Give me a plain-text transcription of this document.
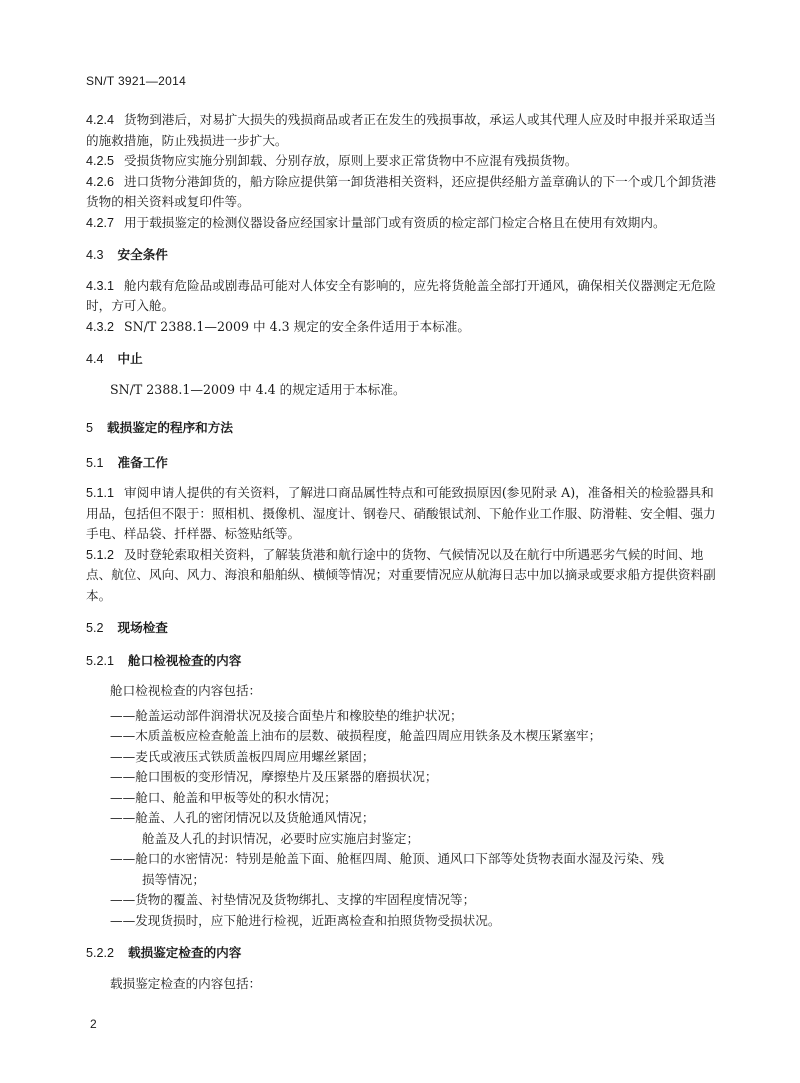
SN/T 3921—2014

4.2.4 货物到港后，对易扩大损失的残损商品或者正在发生的残损事故，承运人或其代理人应及时申报并采取适当的施救措施，防止残损进一步扩大。

4.2.5 受损货物应实施分别卸载、分别存放，原则上要求正常货物中不应混有残损货物。

4.2.6 进口货物分港卸货的，船方除应提供第一卸货港相关资料，还应提供经船方盖章确认的下一个或几个卸货港货物的相关资料或复印件等。

4.2.7 用于载损鉴定的检测仪器设备应经国家计量部门或有资质的检定部门检定合格且在使用有效期内。

4.3 安全条件

4.3.1 舱内载有危险品或剧毒品可能对人体安全有影响的，应先将货舱盖全部打开通风，确保相关仪器测定无危险时，方可入舱。

4.3.2 SN/T 2388.1—2009 中 4.3 规定的安全条件适用于本标准。

4.4 中止

SN/T 2388.1—2009 中 4.4 的规定适用于本标准。

5 载损鉴定的程序和方法
5.1 准备工作

5.1.1 审阅申请人提供的有关资料，了解进口商品属性特点和可能致损原因(参见附录 A)，准备相关的检验器具和用品，包括但不限于：照相机、摄像机、湿度计、钢卷尺、硝酸银试剂、下舱作业工作服、防滑鞋、安全帽、强力手电、样品袋、扦样器、标签贴纸等。

5.1.2 及时登轮索取相关资料，了解装货港和航行途中的货物、气候情况以及在航行中所遇恶劣气候的时间、地点、航位、风向、风力、海浪和船舶纵、横倾等情况；对重要情况应从航海日志中加以摘录或要求船方提供资料副本。

5.2 现场检查
5.2.1 舱口检视检查的内容

舱口检视检查的内容包括：

——舱盖运动部件润滑状况及接合面垫片和橡胶垫的维护状况；
——木质盖板应检查舱盖上油布的层数、破损程度，舱盖四周应用铁条及木楔压紧塞牢；
——麦氏或液压式铁质盖板四周应用螺丝紧固；
——舱口围板的变形情况，摩擦垫片及压紧器的磨损状况；
——舱口、舱盖和甲板等处的积水情况；
——舱盖、人孔的密闭情况以及货舱通风情况；
舱盖及人孔的封识情况，必要时应实施启封鉴定；
——舱口的水密情况：特别是舱盖下面、舱框四周、舱顶、通风口下部等处货物表面水湿及污染、残
损等情况；
——货物的覆盖、衬垫情况及货物绑扎、支撑的牢固程度情况等；
——发现货损时，应下舱进行检视，近距离检查和拍照货物受损状况。
5.2.2 载损鉴定检查的内容

载损鉴定检查的内容包括：

2
